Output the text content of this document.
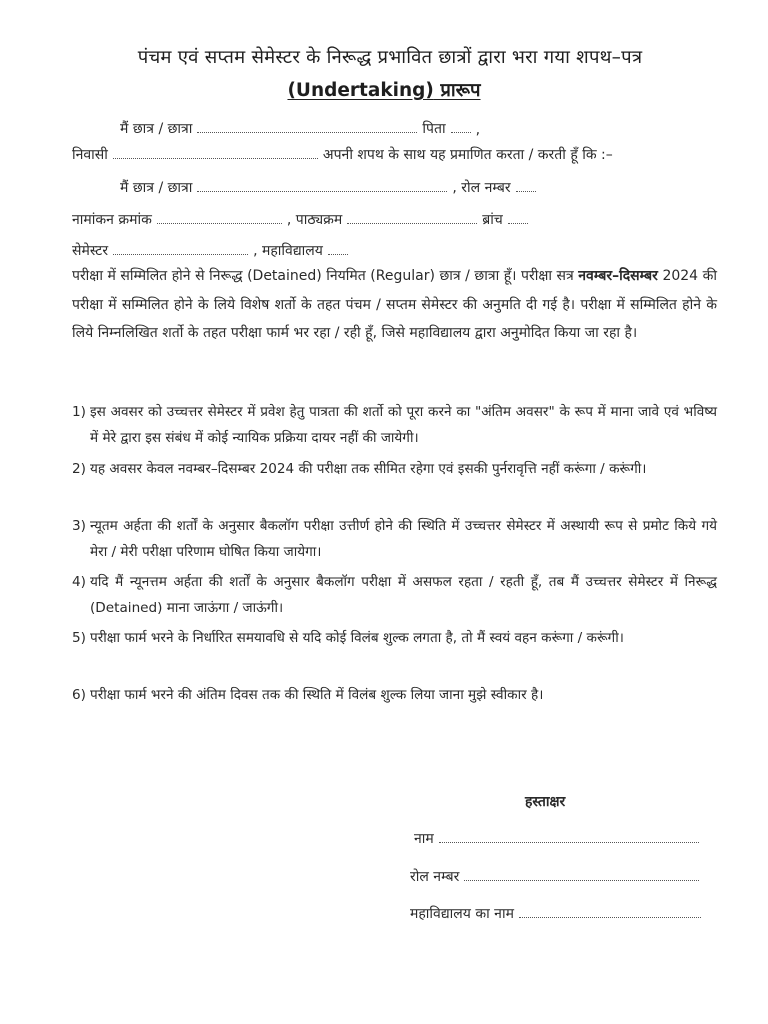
पंचम एवं सप्तम सेमेस्टर के निरूद्ध प्रभावित छात्रों द्वारा भरा गया शपथ–पत्र
(Undertaking) प्रारूप
मैं छात्र / छात्रा	पिता ,
निवासी	अपनी शपथ के साथ यह प्रमाणित करता / करती हूँ कि :–
मैं छात्र / छात्रा	, रोल नम्बर
नामांकन क्रमांक	, पाठ्यक्रम	ब्रांच
सेमेस्टर	, महाविद्यालय
परीक्षा में सम्मिलित होने से निरूद्ध (Detained) नियमित (Regular) छात्र / छात्रा हूँ। परीक्षा सत्र नवम्बर–दिसम्बर 2024 की परीक्षा में सम्मिलित होने के लिये विशेष शर्तो के तहत पंचम / सप्तम सेमेस्टर की अनुमति दी गई है। परीक्षा में सम्मिलित होने के लिये निम्नलिखित शर्तो के तहत परीक्षा फार्म भर रहा / रही हूँ, जिसे महाविद्यालय द्वारा अनुमोदित किया जा रहा है।
1) इस अवसर को उच्चत्तर सेमेस्टर में प्रवेश हेतु पात्रता की शर्तो को पूरा करने का "अंतिम अवसर" के रूप में माना जावे एवं भविष्य में मेरे द्वारा इस संबंध में कोई न्यायिक प्रक्रिया दायर नहीं की जायेगी।
2) यह अवसर केवल नवम्बर–दिसम्बर 2024 की परीक्षा तक सीमित रहेगा एवं इसकी पुर्नरावृत्ति नहीं करूंगा / करूंगी।
3) न्यूतम अर्हता की शर्तों के अनुसार बैकलॉग परीक्षा उत्तीर्ण होने की स्थिति में उच्चत्तर सेमेस्टर में अस्थायी रूप से प्रमोट किये गये मेरा / मेरी परीक्षा परिणाम घोषित किया जायेगा।
4) यदि मैं न्यूनत्तम अर्हता की शर्तों के अनुसार बैकलॉग परीक्षा में असफल रहता / रहती हूँ, तब मैं उच्चत्तर सेमेस्टर में निरूद्ध (Detained) माना जाऊंगा / जाऊंगी।
5) परीक्षा फार्म भरने के निर्धारित समयावधि से यदि कोई विलंब शुल्क लगता है, तो मैं स्वयं वहन करूंगा / करूंगी।
6) परीक्षा फार्म भरने की अंतिम दिवस तक की स्थिति में विलंब शुल्क लिया जाना मुझे स्वीकार है।
हस्ताक्षर
नाम
रोल नम्बर
महाविद्यालय का नाम
